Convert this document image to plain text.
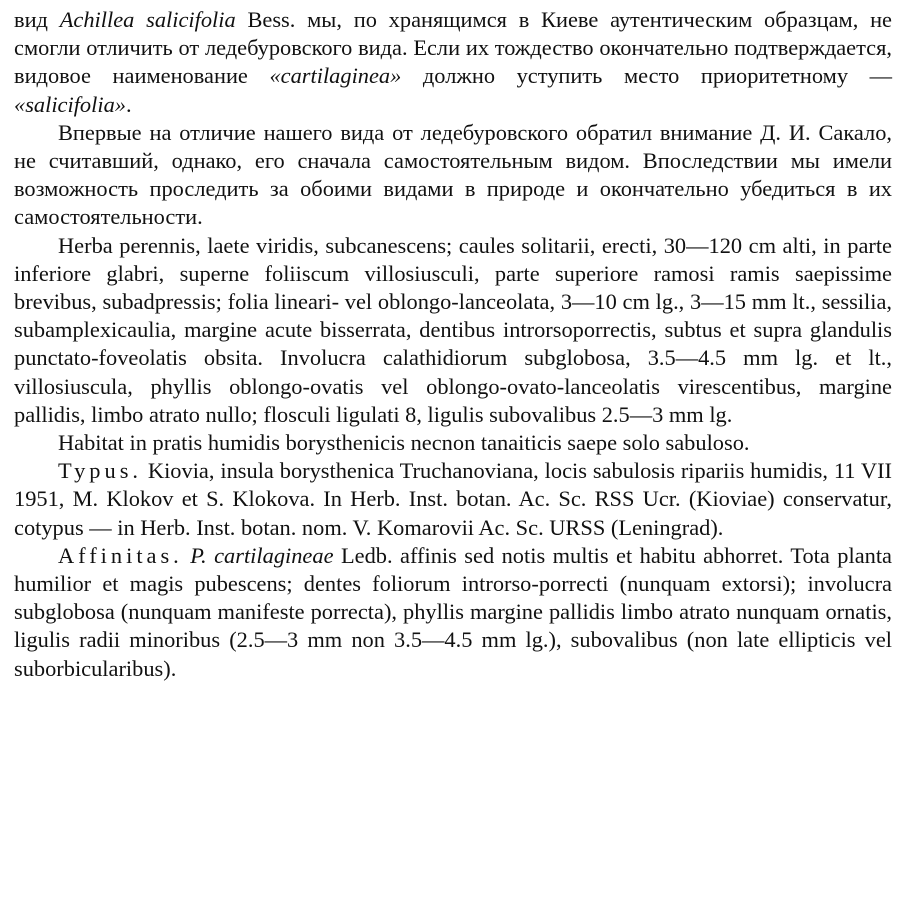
вид Achillea salicifolia Bess. мы, по хранящимся в Киеве аутентическим образцам, не смогли отличить от ледебуровского вида. Если их тождество окончательно подтверждается, видовое наименование «cartilaginea» должно уступить место приоритетному — «salicifolia».

Впервые на отличие нашего вида от ледебуровского обратил внимание Д. И. Сакало, не считавший, однако, его сначала самостоятельным видом. Впоследствии мы имели возможность проследить за обоими видами в природе и окончательно убедиться в их самостоятельности.

Herba perennis, laete viridis, subcanescens; caules solitarii, erecti, 30—120 cm alti, in parte inferiore glabri, superne foliiscum villosiusculi, parte superiore ramosi ramis saepissime brevibus, subadpressis; folia lineari- vel oblongo-lanceolata, 3—10 cm lg., 3—15 mm lt., sessilia, subamplexicaulia, margine acute bisserrata, dentibus introrsoporrectis, subtus et supra glandulis punctato-foveolatis obsita. Involucra calathidiorum subglobosa, 3.5—4.5 mm lg. et lt., villosiuscula, phyllis oblongo-ovatis vel oblongo-ovato-lanceolatis virescentibus, margine pallidis, limbo atrato nullo; flosculi ligulati 8, ligulis subovalibus 2.5—3 mm lg.

Habitat in pratis humidis borysthenicis necnon tanaiticis saepe solo sabuloso.

Typus. Kiovia, insula borysthenica Truchanoviana, locis sabulosis ripariis humidis, 11 VII 1951, M. Klokov et S. Klokova. In Herb. Inst. botan. Ac. Sc. RSS Ucr. (Kioviae) conservatur, cotypus — in Herb. Inst. botan. nom. V. Komarovii Ac. Sc. URSS (Leningrad).

Affinitas. P. cartilagineae Ledb. affinis sed notis multis et habitu abhorret. Tota planta humilior et magis pubescens; dentes foliorum introrso-porrecti (nunquam extorsi); involucra subglobosa (nunquam manifeste porrecta), phyllis margine pallidis limbo atrato nunquam ornatis, ligulis radii minoribus (2.5—3 mm non 3.5—4.5 mm lg.), subovalibus (non late ellipticis vel suborbicularibus).
